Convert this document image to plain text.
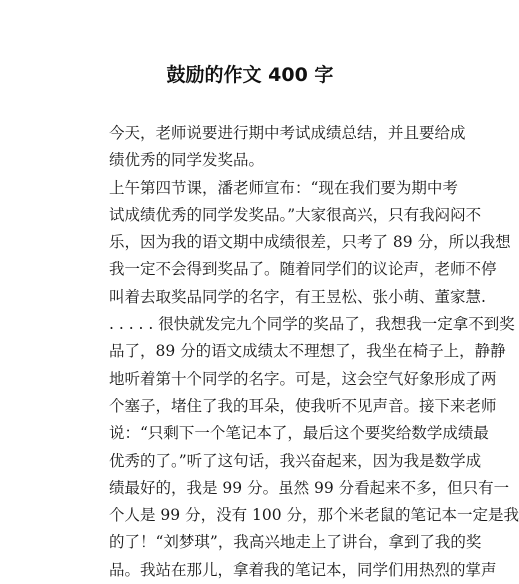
鼓励的作文 400 字

今天，老师说要进行期中考试成绩总结，并且要给成
绩优秀的同学发奖品。

上午第四节课，潘老师宣布：“现在我们要为期中考
试成绩优秀的同学发奖品。”大家很高兴，只有我闷闷不
乐，因为我的语文期中成绩很差，只考了 89 分，所以我想
我一定不会得到奖品了。随着同学们的议论声，老师不停
叫着去取奖品同学的名字，有王昱松、张小萌、董家慧.
. . . . . 很快就发完九个同学的奖品了，我想我一定拿不到奖
品了，89 分的语文成绩太不理想了，我坐在椅子上，静静
地听着第十个同学的名字。可是，这会空气好象形成了两
个塞子，堵住了我的耳朵，使我听不见声音。接下来老师
说：“只剩下一个笔记本了，最后这个要奖给数学成绩最
优秀的了。”听了这句话，我兴奋起来，因为我是数学成
绩最好的，我是 99 分。虽然 99 分看起来不多，但只有一
个人是 99 分，没有 100 分，那个米老鼠的笔记本一定是我
的了！“刘梦琪”，我高兴地走上了讲台，拿到了我的奖
品。我站在那儿，拿着我的笔记本，同学们用热烈的掌声
